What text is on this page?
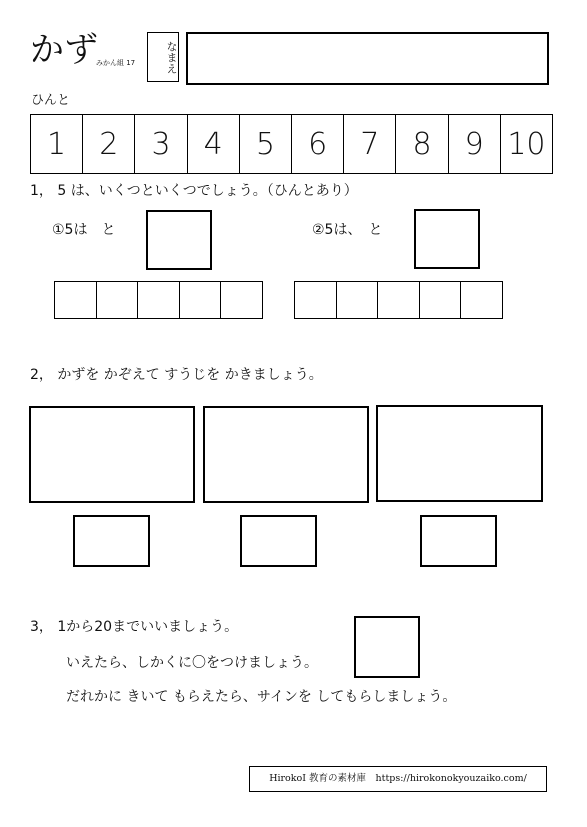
かず
みかん組 17	なまえ
ひんと
1	2	3	4	5	6	7	8	9 10
1， 5 は、いくつといくつでしょう。（ひんとあり）
①5は　と	②5は、　と
2， かずを かぞえて すうじを かきましょう。
3， 1から20までいいましょう。
いえたら、しかくに〇をつけましょう。
だれかに きいて もらえたら、サインを してもらしましょう。
HirokoI 教育の素材庫　https://hirokonokyouzaiko.com/
